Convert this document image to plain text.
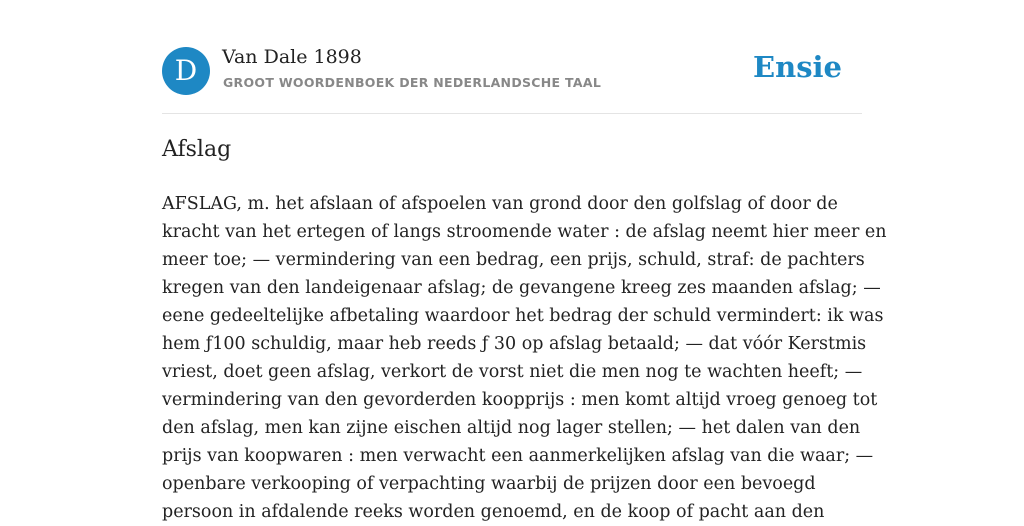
D	Van Dale 1898
GROOT WOORDENBOEK DER NEDERLANDSCHE TAAL	Ensie
Afslag

AFSLAG, m. het afslaan of afspoelen van grond door den golfslag of door de
kracht van het ertegen of langs stroomende water : de afslag neemt hier meer en
meer toe; — vermindering van een bedrag, een prijs, schuld, straf: de pachters
kregen van den landeigenaar afslag; de gevangene kreeg zes maanden afslag; —
eene gedeeltelijke afbetaling waardoor het bedrag der schuld vermindert: ik was
hem ƒ100 schuldig, maar heb reeds ƒ 30 op afslag betaald; — dat vóór Kerstmis
vriest, doet geen afslag, verkort de vorst niet die men nog te wachten heeft; —
vermindering van den gevorderden koopprijs : men komt altijd vroeg genoeg tot
den afslag, men kan zijne eischen altijd nog lager stellen; — het dalen van den
prijs van koopwaren : men verwacht een aanmerkelijken afslag van die waar; —
openbare verkooping of verpachting waarbij de prijzen door een bevoegd
persoon in afdalende reeks worden genoemd, en de koop of pacht aan den
